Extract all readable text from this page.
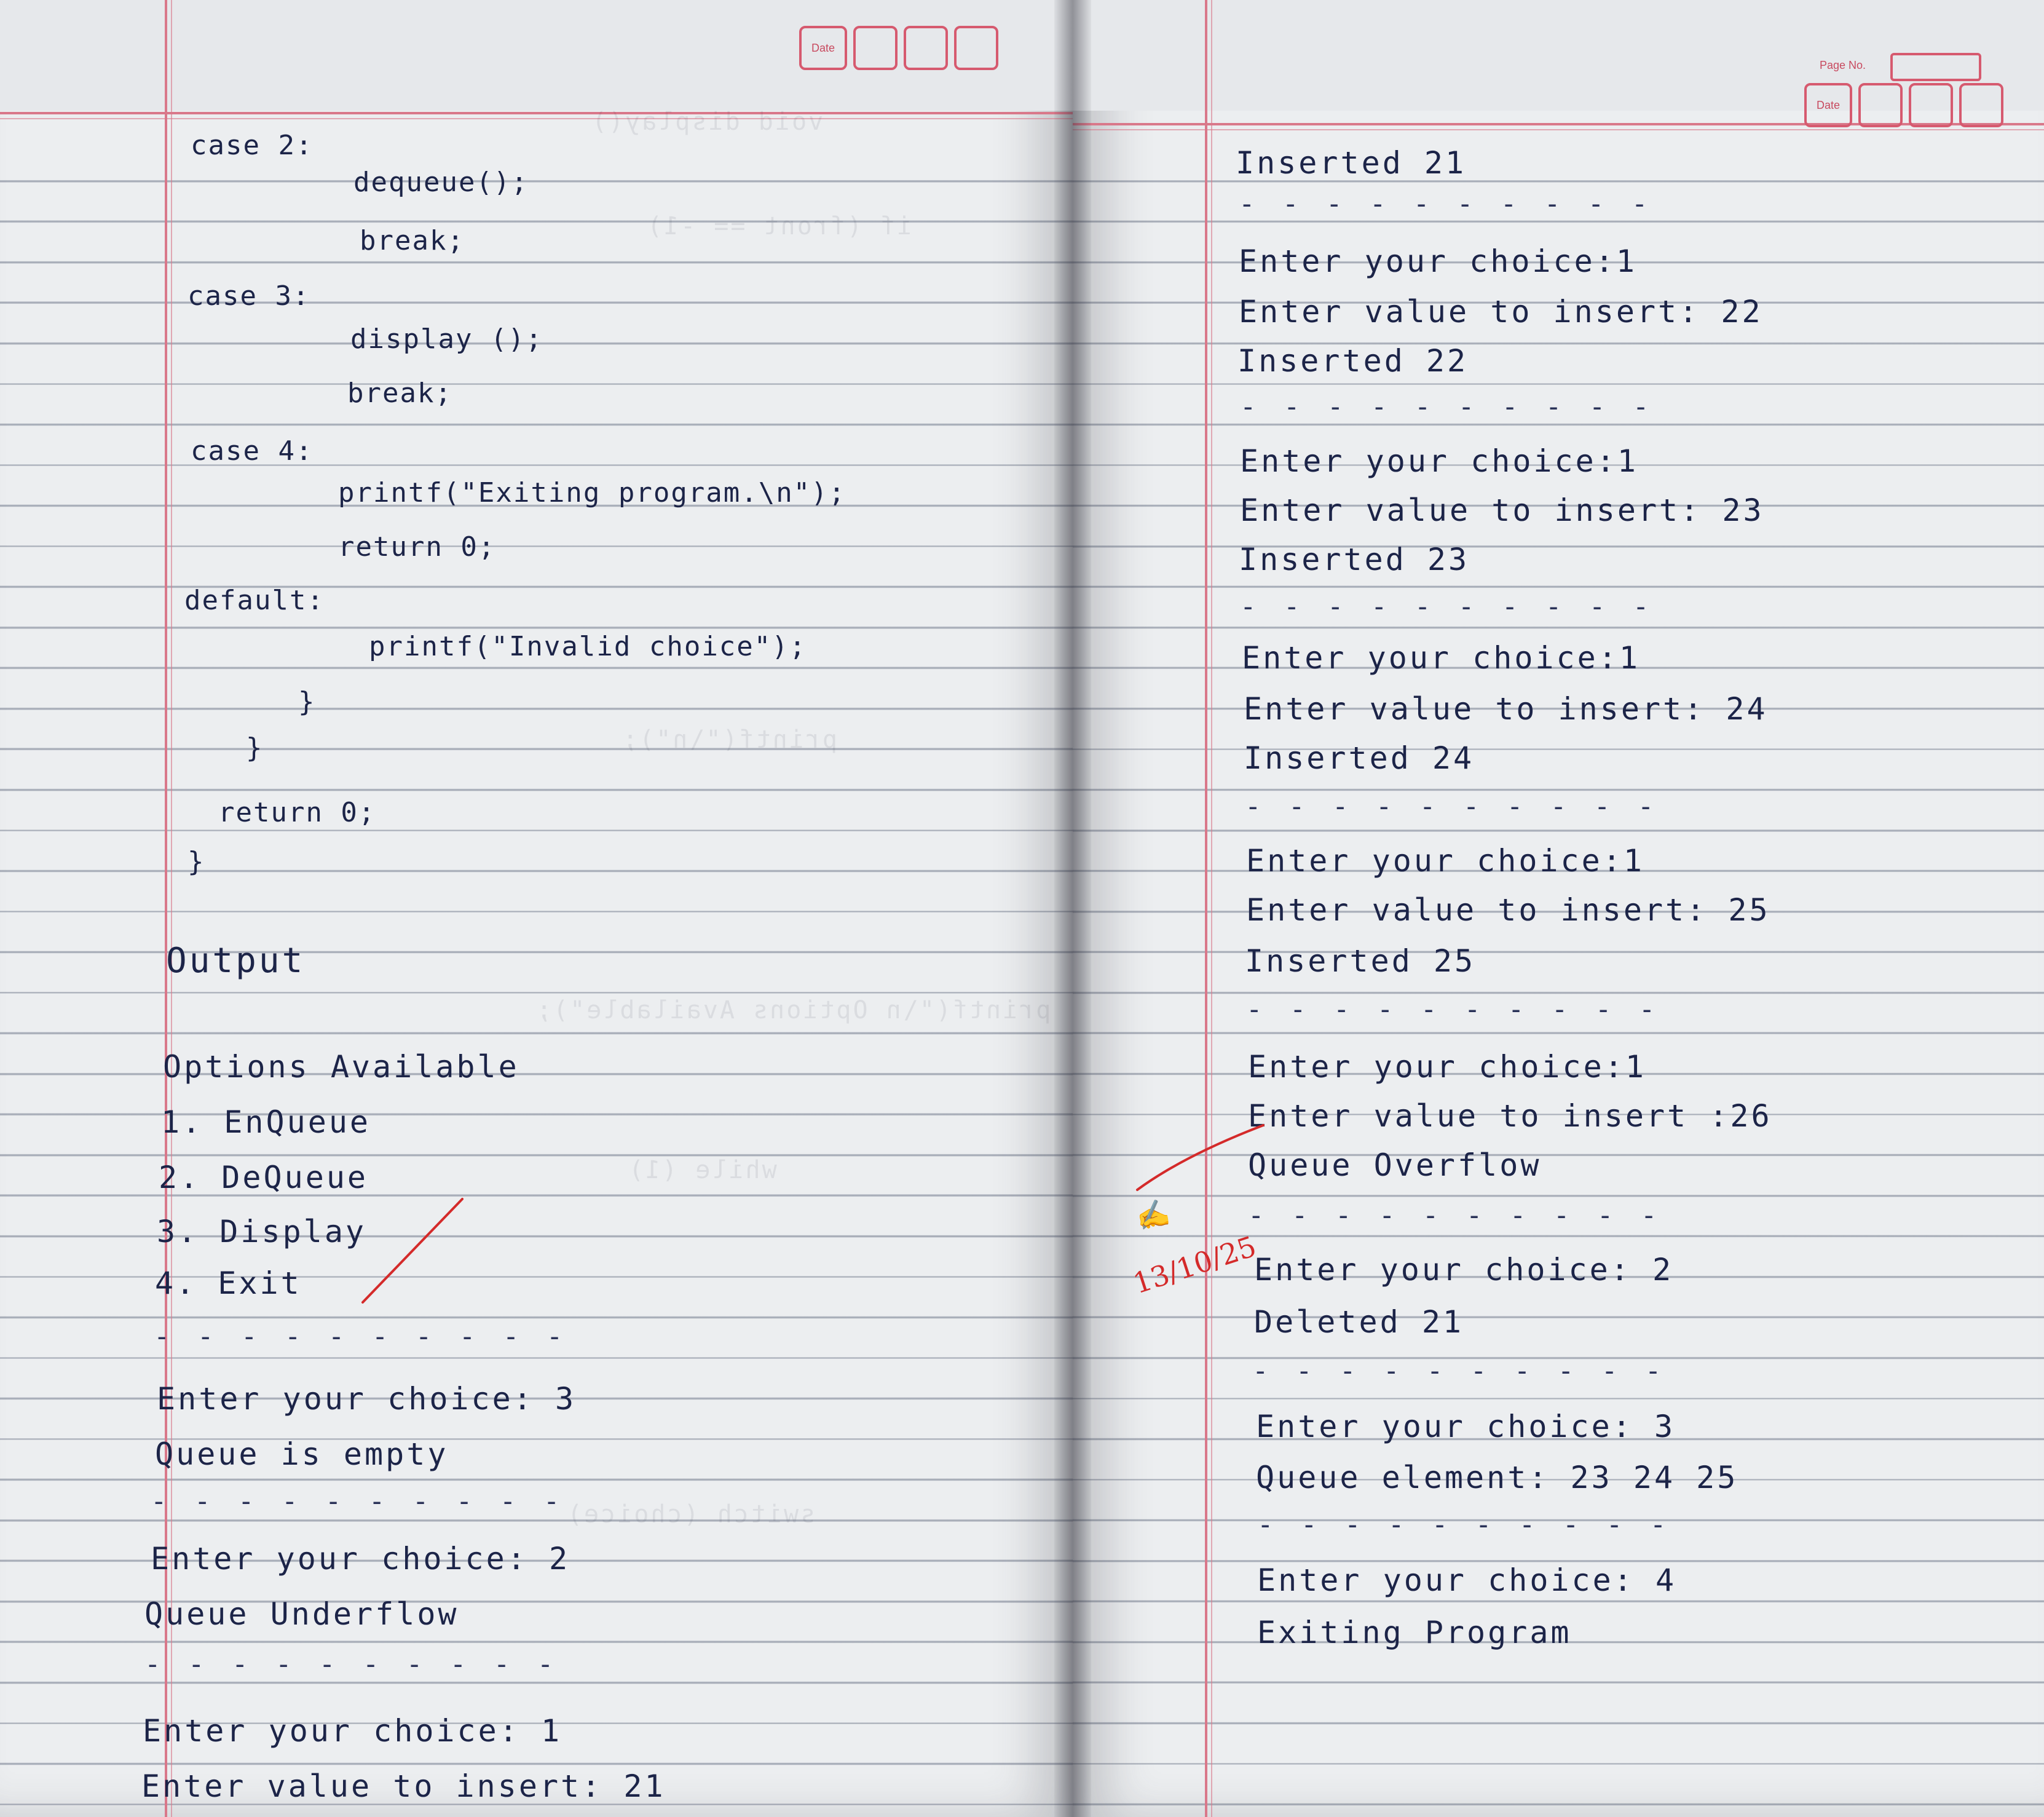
Date
void display()
if (front == -1)
printf("\n");
printf("\n Options Available");
while (1)
switch (choice)
case 2:
dequeue();
break;
case 3:
display ();
break;
case 4:
printf("Exiting program.\n");
return 0;
default:
printf("Invalid choice");
}
}
return 0;
}
Output
Options Available
1. EnQueue
2. DeQueue
3. Display
4. Exit
- - - - - - - - - -
Enter your choice: 3
Queue is empty
- - - - - - - - - -
Enter your choice: 2
Queue Underflow
- - - - - - - - - -
Enter your choice: 1
Enter value to insert: 21
Page No.
Date
Inserted 21
- - - - - - - - - -
Enter your choice:1
Enter value to insert: 22
Inserted 22
- - - - - - - - - -
Enter your choice:1
Enter value to insert: 23
Inserted 23
- - - - - - - - - -
Enter your choice:1
Enter value to insert: 24
Inserted 24
- - - - - - - - - -
Enter your choice:1
Enter value to insert: 25
Inserted 25
- - - - - - - - - -
Enter your choice:1
Enter value to insert :26
Queue Overflow
- - - - - - - - - -
Enter your choice: 2
Deleted 21
- - - - - - - - - -
Enter your choice: 3
Queue element: 23 24 25
- - - - - - - - - -
Enter your choice: 4
Exiting Program
✍
13/10/25
